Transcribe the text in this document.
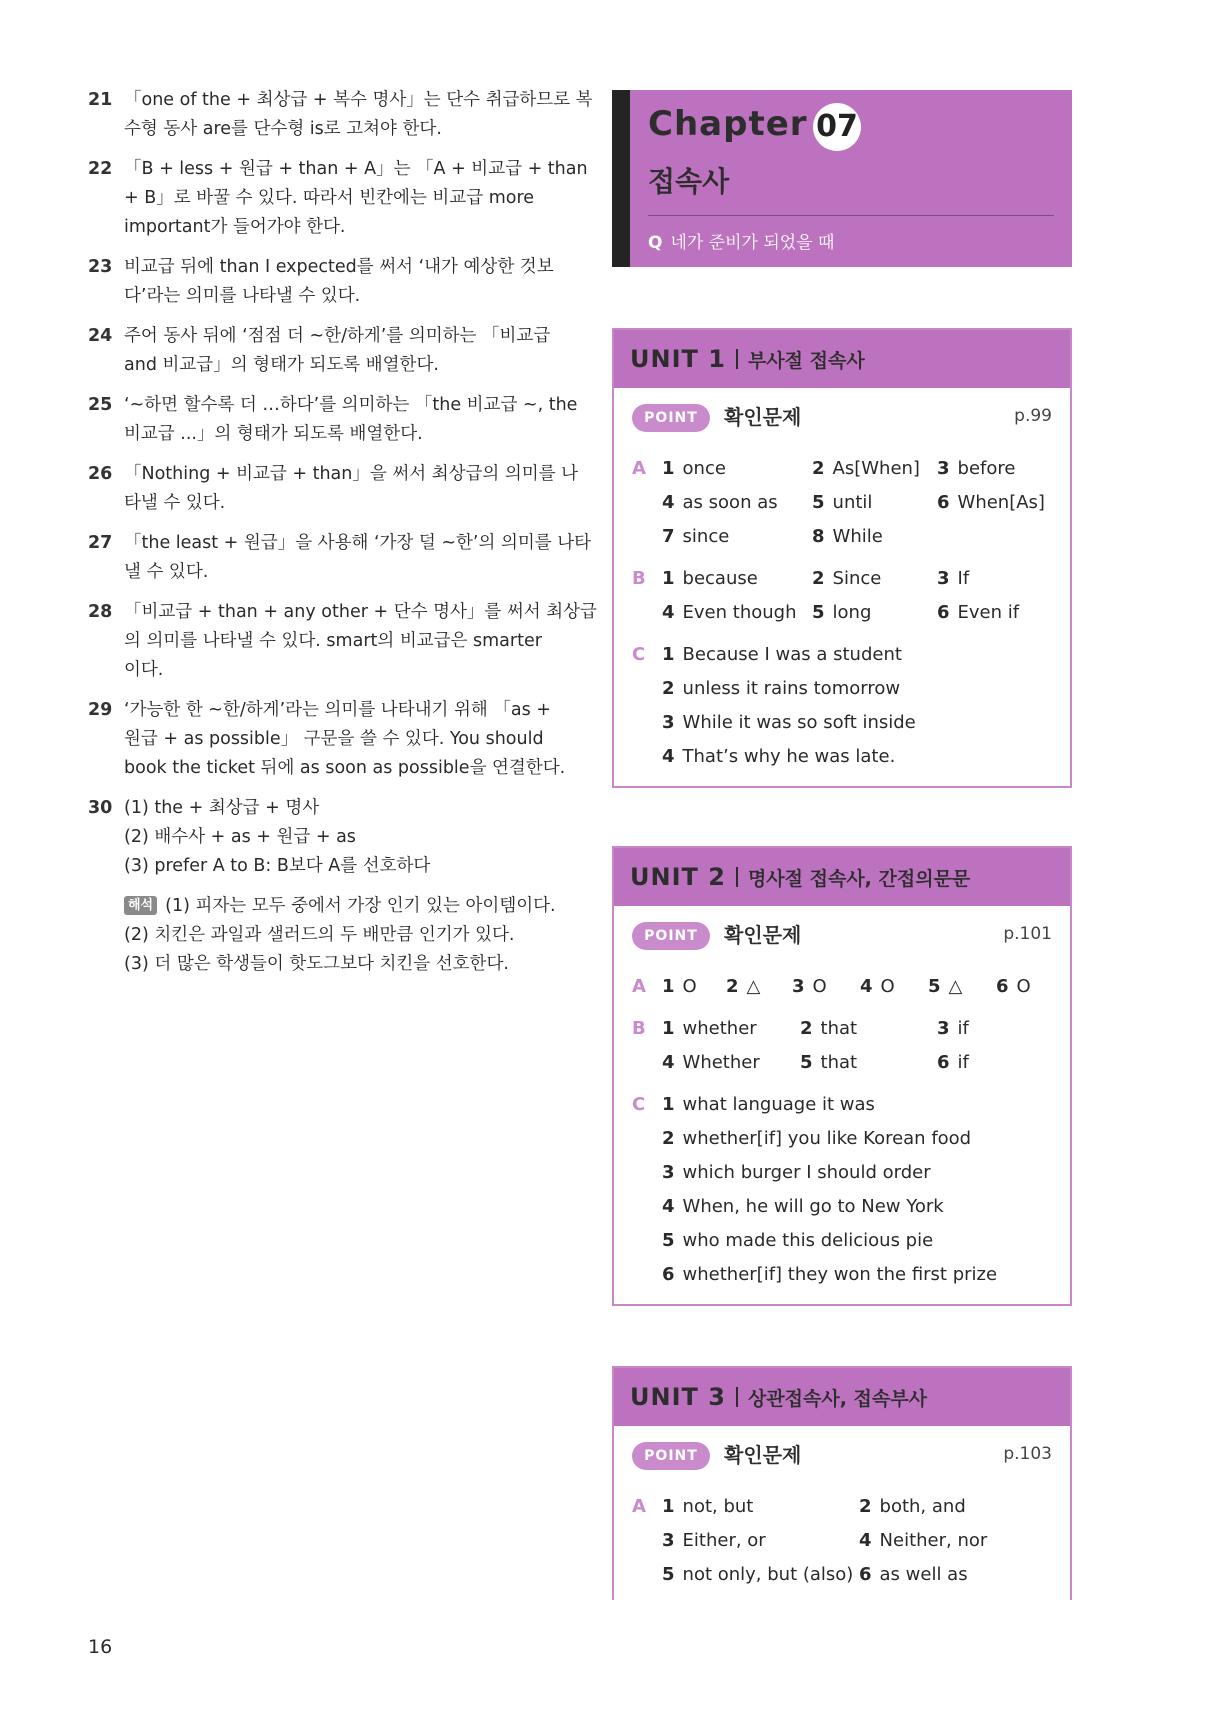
21 「one of the + 최상급 + 복수 명사」는 단수 취급하므로 복
수형 동사 are를 단수형 is로 고쳐야 한다.
22 「B + less + 원급 + than + A」는 「A + 비교급 + than
+ B」로 바꿀 수 있다. 따라서 빈칸에는 비교급 more
important가 들어가야 한다.
23 비교급 뒤에 than I expected를 써서 ‘내가 예상한 것보
다’라는 의미를 나타낼 수 있다.
24 주어 동사 뒤에 ‘점점 더 ~한/하게’를 의미하는 「비교급
and 비교급」의 형태가 되도록 배열한다.
25 ‘~하면 할수록 더 …하다’를 의미하는 「the 비교급 ~, the
비교급 ...」의 형태가 되도록 배열한다.
26 「Nothing + 비교급 + than」을 써서 최상급의 의미를 나
타낼 수 있다.
27 「the least + 원급」을 사용해 ‘가장 덜 ~한’의 의미를 나타
낼 수 있다.
28 「비교급 + than + any other + 단수 명사」를 써서 최상급
의 의미를 나타낼 수 있다. smart의 비교급은 smarter
이다.
29 ‘가능한 한 ~한/하게’라는 의미를 나타내기 위해 「as +
원급 + as possible」 구문을 쓸 수 있다. You should
book the ticket 뒤에 as soon as possible을 연결한다.
30 (1) the + 최상급 + 명사
(2) 배수사 + as + 원급 + as
(3) prefer A to B: B보다 A를 선호하다
해석 (1) 피자는 모두 중에서 가장 인기 있는 아이템이다.
(2) 치킨은 과일과 샐러드의 두 배만큼 인기가 있다.
(3) 더 많은 학생들이 핫도그보다 치킨을 선호한다.
16
Chapter 07
접속사
Q 네가 준비가 되었을 때
UNIT 1 부사절 접속사
POINT	확인문제	p.99
A 1 once	2 As[When] 3 before
4 as soon as 5 until	6 When[As]
7 since	8 While
B 1 because	2 Since	3 If
4 Even though 5 long	6 Even if
C 1 Because I was a student
2 unless it rains tomorrow
3 While it was so soft inside
4 That’s why he was late.
UNIT 2 명사절 접속사, 간접의문문
POINT	확인문제	p.101
A 1 O 2 △ 3 O 4 O 5 △ 6 O
B 1 whether 2 that	3 if
4 Whether 5 that	6 if
C 1 what language it was
2 whether[if] you like Korean food
3 which burger I should order
4 When, he will go to New York
5 who made this delicious pie
6 whether[if] they won the first prize
UNIT 3 상관접속사, 접속부사
POINT	확인문제	p.103
A 1 not, but	2 both, and
3 Either, or	4 Neither, nor
5 not only, but (also) 6 as well as
